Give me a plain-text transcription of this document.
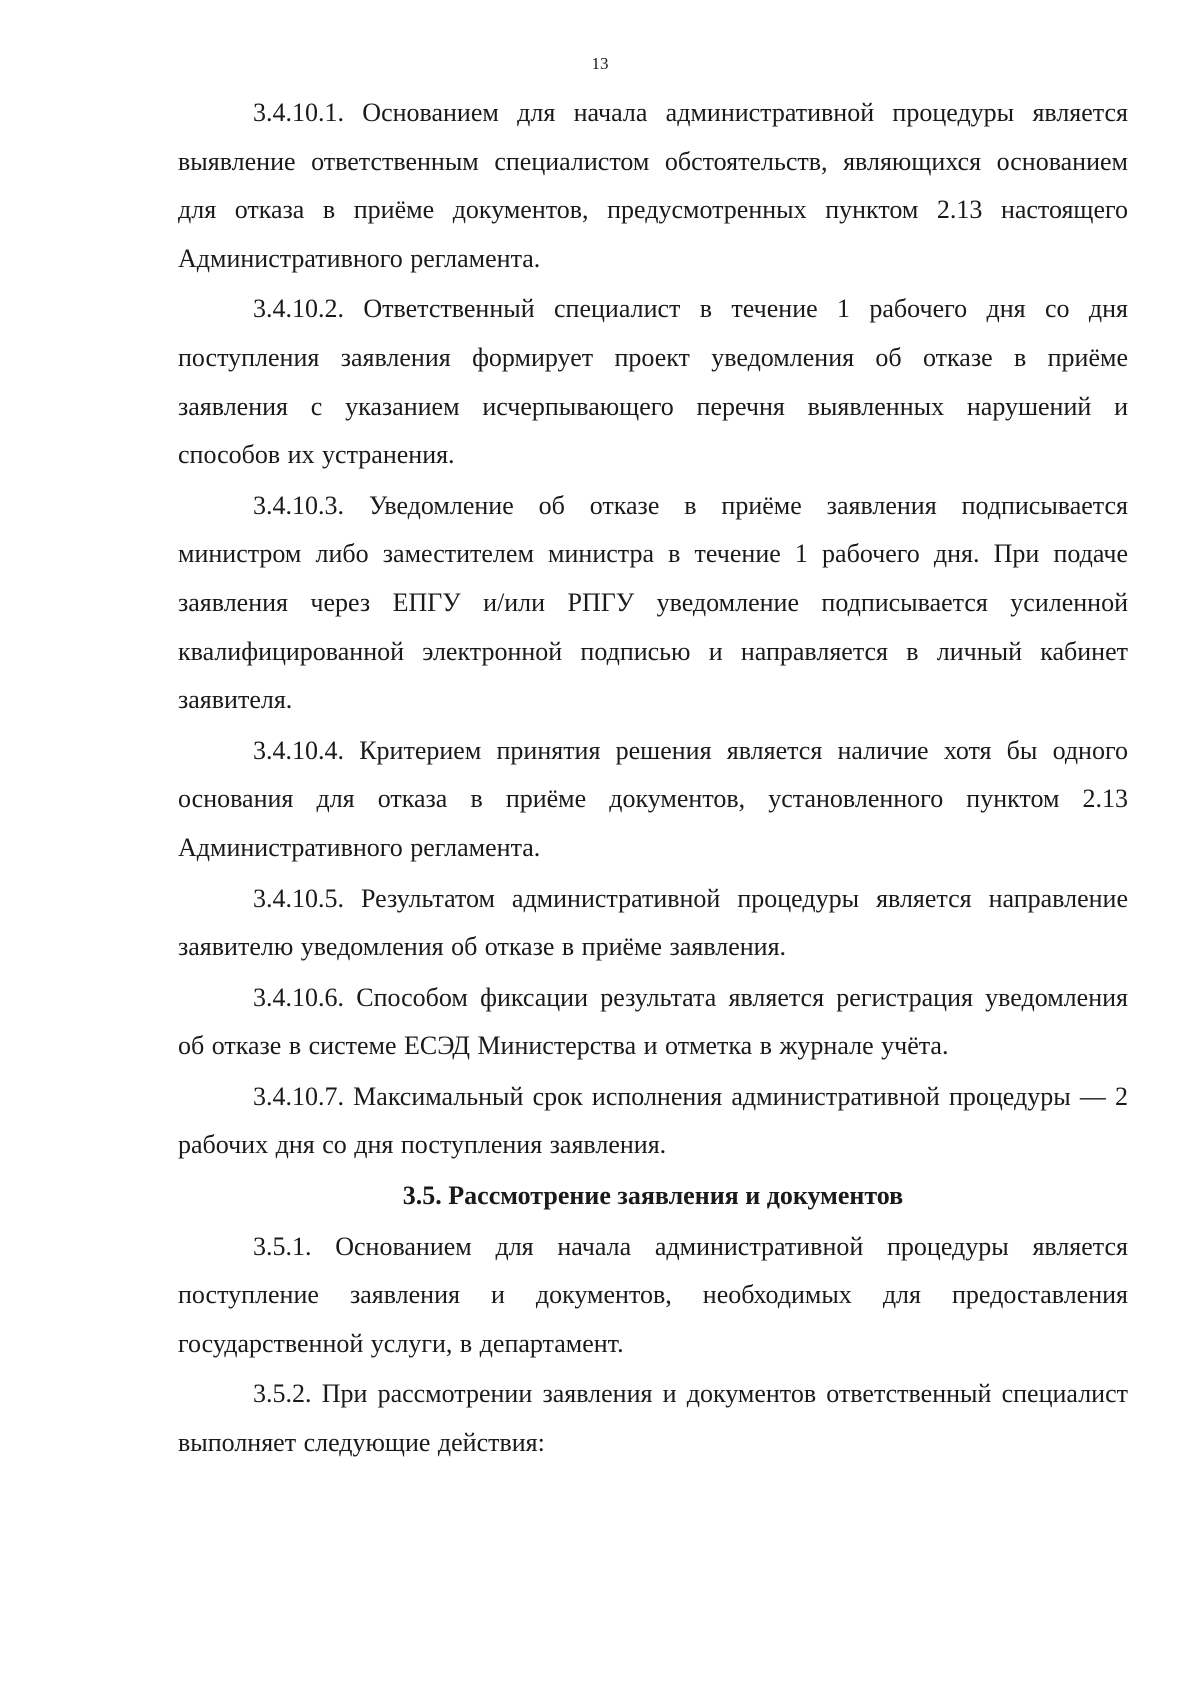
13

3.4.10.1. Основанием для начала административной процедуры является выявление ответственным специалистом обстоятельств, являющихся основанием для отказа в приёме документов, предусмотренных пунктом 2.13 настоящего Административного регламента.

3.4.10.2. Ответственный специалист в течение 1 рабочего дня со дня поступления заявления формирует проект уведомления об отказе в приёме заявления с указанием исчерпывающего перечня выявленных нарушений и способов их устранения.

3.4.10.3. Уведомление об отказе в приёме заявления подписывается министром либо заместителем министра в течение 1 рабочего дня. При подаче заявления через ЕПГУ и/или РПГУ уведомление подписывается усиленной квалифицированной электронной подписью и направляется в личный кабинет заявителя.

3.4.10.4. Критерием принятия решения является наличие хотя бы одного основания для отказа в приёме документов, установленного пунктом 2.13 Административного регламента.

3.4.10.5. Результатом административной процедуры является направление заявителю уведомления об отказе в приёме заявления.

3.4.10.6. Способом фиксации результата является регистрация уведомления об отказе в системе ЕСЭД Министерства и отметка в журнале учёта.

3.4.10.7. Максимальный срок исполнения административной процедуры — 2 рабочих дня со дня поступления заявления.

3.5. Рассмотрение заявления и документов

3.5.1. Основанием для начала административной процедуры является поступление заявления и документов, необходимых для предоставления государственной услуги, в департамент.

3.5.2. При рассмотрении заявления и документов ответственный специалист выполняет следующие действия:
